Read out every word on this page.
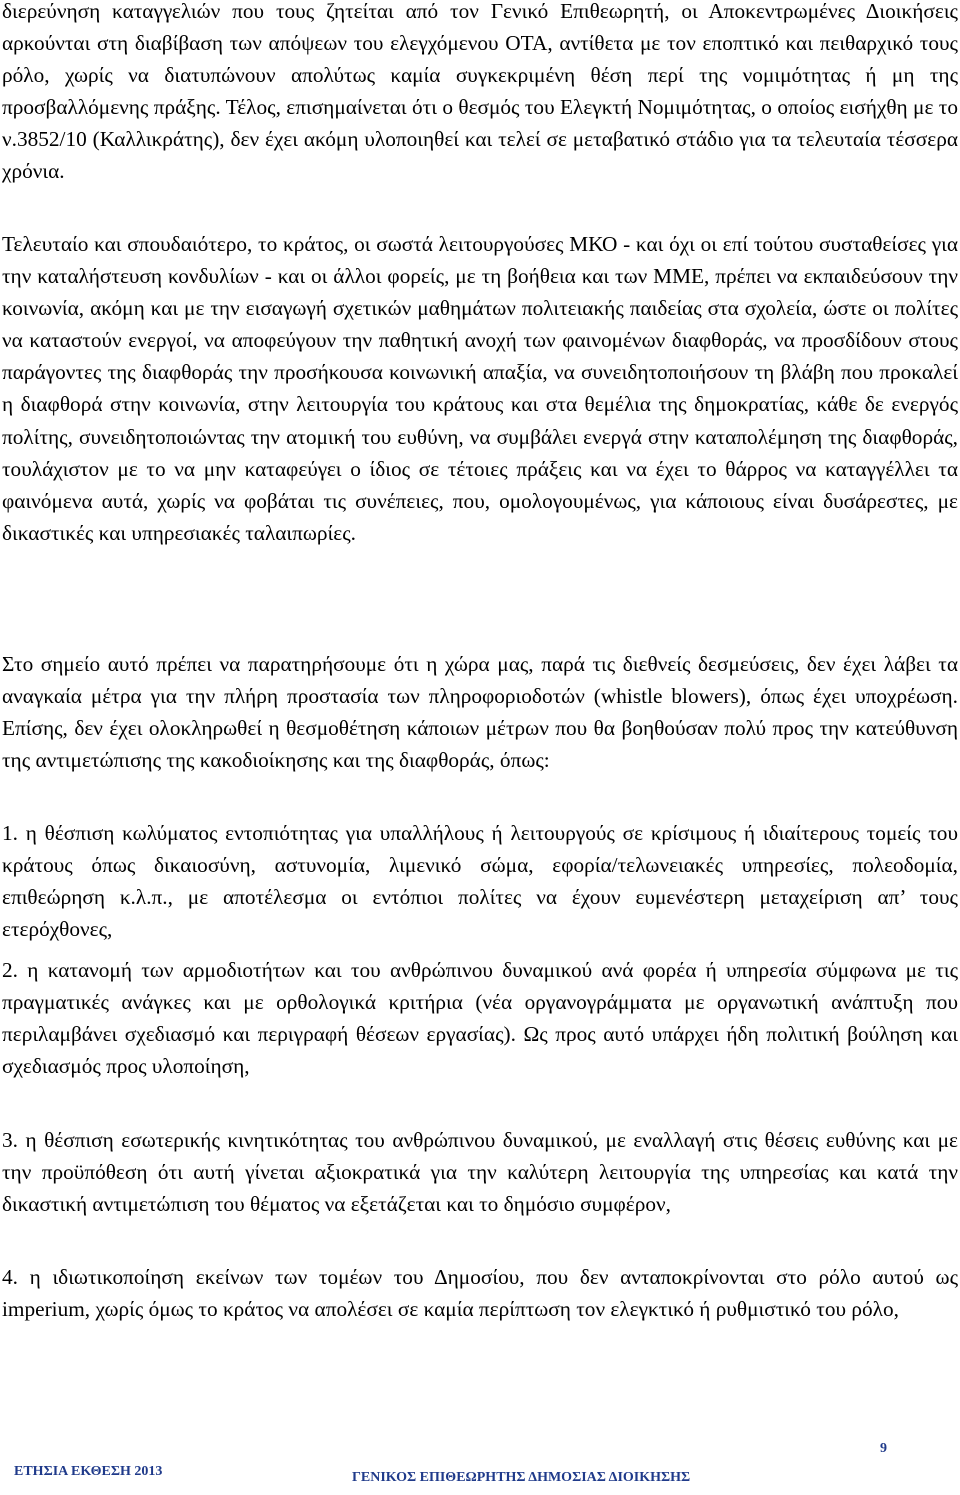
διερεύνηση καταγγελιών που τους ζητείται από τον Γενικό Επιθεωρητή, οι Αποκεντρωμένες Διοικήσεις αρκούνται στη διαβίβαση των απόψεων του ελεγχόμενου ΟΤΑ, αντίθετα με τον εποπτικό και πειθαρχικό τους ρόλο, χωρίς να διατυπώνουν απολύτως καμία συγκεκριμένη θέση περί της νομιμότητας ή μη της προσβαλλόμενης πράξης. Τέλος, επισημαίνεται ότι ο θεσμός του Ελεγκτή Νομιμότητας, ο οποίος εισήχθη με το ν.3852/10 (Καλλικράτης), δεν έχει ακόμη υλοποιηθεί και τελεί σε μεταβατικό στάδιο για τα τελευταία τέσσερα χρόνια.

Τελευταίο και σπουδαιότερο, το κράτος, οι σωστά λειτουργούσες ΜΚΟ - και όχι οι επί τούτου συσταθείσες για την καταλήστευση κονδυλίων - και οι άλλοι φορείς, με τη βοήθεια και των ΜΜΕ, πρέπει να εκπαιδεύσουν την κοινωνία, ακόμη και με την εισαγωγή σχετικών μαθημάτων πολιτειακής παιδείας στα σχολεία, ώστε οι πολίτες να καταστούν ενεργοί, να αποφεύγουν την παθητική ανοχή των φαινομένων διαφθοράς, να προσδίδουν στους παράγοντες της διαφθοράς την προσήκουσα κοινωνική απαξία, να συνειδητοποιήσουν τη βλάβη που προκαλεί η διαφθορά στην κοινωνία, στην λειτουργία του κράτους και στα θεμέλια της δημοκρατίας, κάθε δε ενεργός πολίτης, συνειδητοποιώντας την ατομική του ευθύνη, να συμβάλει ενεργά στην καταπολέμηση της διαφθοράς, τουλάχιστον με το να μην καταφεύγει ο ίδιος σε τέτοιες πράξεις και να έχει το θάρρος να καταγγέλλει τα φαινόμενα αυτά, χωρίς να φοβάται τις συνέπειες, που, ομολογουμένως, για κάποιους είναι δυσάρεστες, με δικαστικές και υπηρεσιακές ταλαιπωρίες.

Στο σημείο αυτό πρέπει να παρατηρήσουμε ότι η χώρα μας, παρά τις διεθνείς δεσμεύσεις, δεν έχει λάβει τα αναγκαία μέτρα για την πλήρη προστασία των πληροφοριοδοτών (whistle blowers), όπως έχει υποχρέωση. Επίσης, δεν έχει ολοκληρωθεί η θεσμοθέτηση κάποιων μέτρων που θα βοηθούσαν πολύ προς την κατεύθυνση της αντιμετώπισης της κακοδιοίκησης και της διαφθοράς, όπως:

1. η θέσπιση κωλύματος εντοπιότητας για υπαλλήλους ή λειτουργούς σε κρίσιμους ή ιδιαίτερους τομείς του κράτους όπως δικαιοσύνη, αστυνομία, λιμενικό σώμα, εφορία/τελωνειακές υπηρεσίες, πολεοδομία, επιθεώρηση κ.λ.π., με αποτέλεσμα οι εντόπιοι πολίτες να έχουν ευμενέστερη μεταχείριση απ’ τους ετερόχθονες,

2. η κατανομή των αρμοδιοτήτων και του ανθρώπινου δυναμικού ανά φορέα ή υπηρεσία σύμφωνα με τις πραγματικές ανάγκες και με ορθολογικά κριτήρια (νέα οργανογράμματα με οργανωτική ανάπτυξη που περιλαμβάνει σχεδιασμό και περιγραφή θέσεων εργασίας). Ως προς αυτό υπάρχει ήδη πολιτική βούληση και σχεδιασμός προς υλοποίηση,

3. η θέσπιση εσωτερικής κινητικότητας του ανθρώπινου δυναμικού, με εναλλαγή στις θέσεις ευθύνης και με την προϋπόθεση ότι αυτή γίνεται αξιοκρατικά για την καλύτερη λειτουργία της υπηρεσίας και κατά την δικαστική αντιμετώπιση του θέματος να εξετάζεται και το δημόσιο συμφέρον,

4. η ιδιωτικοποίηση εκείνων των τομέων του Δημοσίου, που δεν ανταποκρίνονται στο ρόλο αυτού ως imperium, χωρίς όμως το κράτος να απολέσει σε καμία περίπτωση τον ελεγκτικό ή ρυθμιστικό του ρόλο,

ΕΤΗΣΙΑ ΕΚΘΕΣΗ 2013	ΓΕΝΙΚΟΣ ΕΠΙΘΕΩΡΗΤΗΣ ΔΗΜΟΣΙΑΣ ΔΙΟΙΚΗΣΗΣ
9
